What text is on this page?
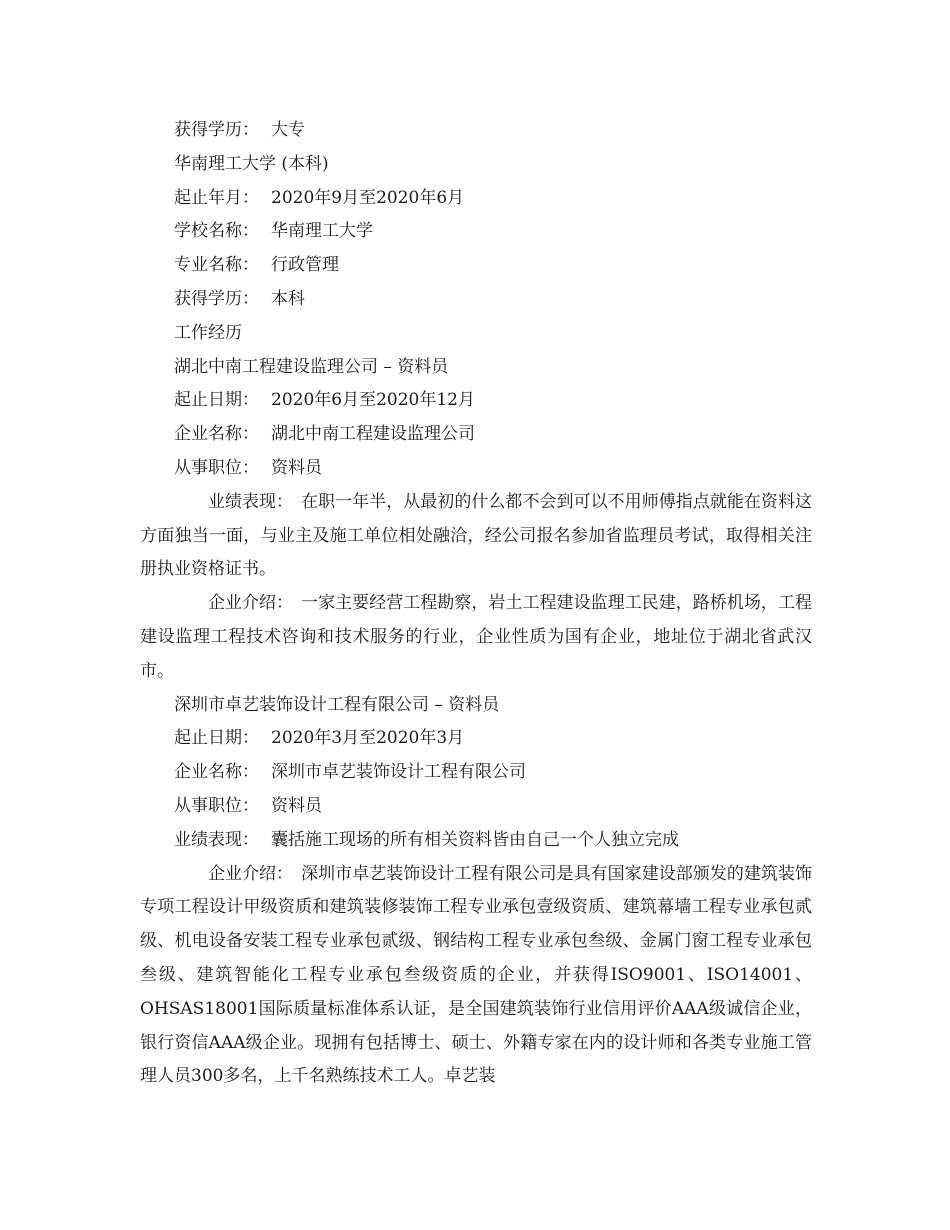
获得学历： 大专

华南理工大学 (本科)

起止年月： 2020年9月至2020年6月

学校名称： 华南理工大学

专业名称： 行政管理

获得学历： 本科

工作经历

湖北中南工程建设监理公司 – 资料员

起止日期： 2020年6月至2020年12月

企业名称： 湖北中南工程建设监理公司

从事职位： 资料员

业绩表现： 在职一年半，从最初的什么都不会到可以不用师傅指点就能在资料这方面独当一面，与业主及施工单位相处融洽，经公司报名参加省监理员考试，取得相关注册执业资格证书。

企业介绍： 一家主要经营工程勘察，岩土工程建设监理工民建，路桥机场，工程建设监理工程技术咨询和技术服务的行业，企业性质为国有企业，地址位于湖北省武汉市。

深圳市卓艺装饰设计工程有限公司 – 资料员

起止日期： 2020年3月至2020年3月

企业名称： 深圳市卓艺装饰设计工程有限公司

从事职位： 资料员

业绩表现： 囊括施工现场的所有相关资料皆由自己一个人独立完成

企业介绍： 深圳市卓艺装饰设计工程有限公司是具有国家建设部颁发的建筑装饰专项工程设计甲级资质和建筑装修装饰工程专业承包壹级资质、建筑幕墙工程专业承包贰级、机电设备安装工程专业承包贰级、钢结构工程专业承包叁级、金属门窗工程专业承包叁级、建筑智能化工程专业承包叁级资质的企业，并获得ISO9001、ISO14001、OHSAS18001国际质量标准体系认证，是全国建筑装饰行业信用评价AAA级诚信企业，银行资信AAA级企业。现拥有包括博士、硕士、外籍专家在内的设计师和各类专业施工管理人员300多名，上千名熟练技术工人。卓艺装
